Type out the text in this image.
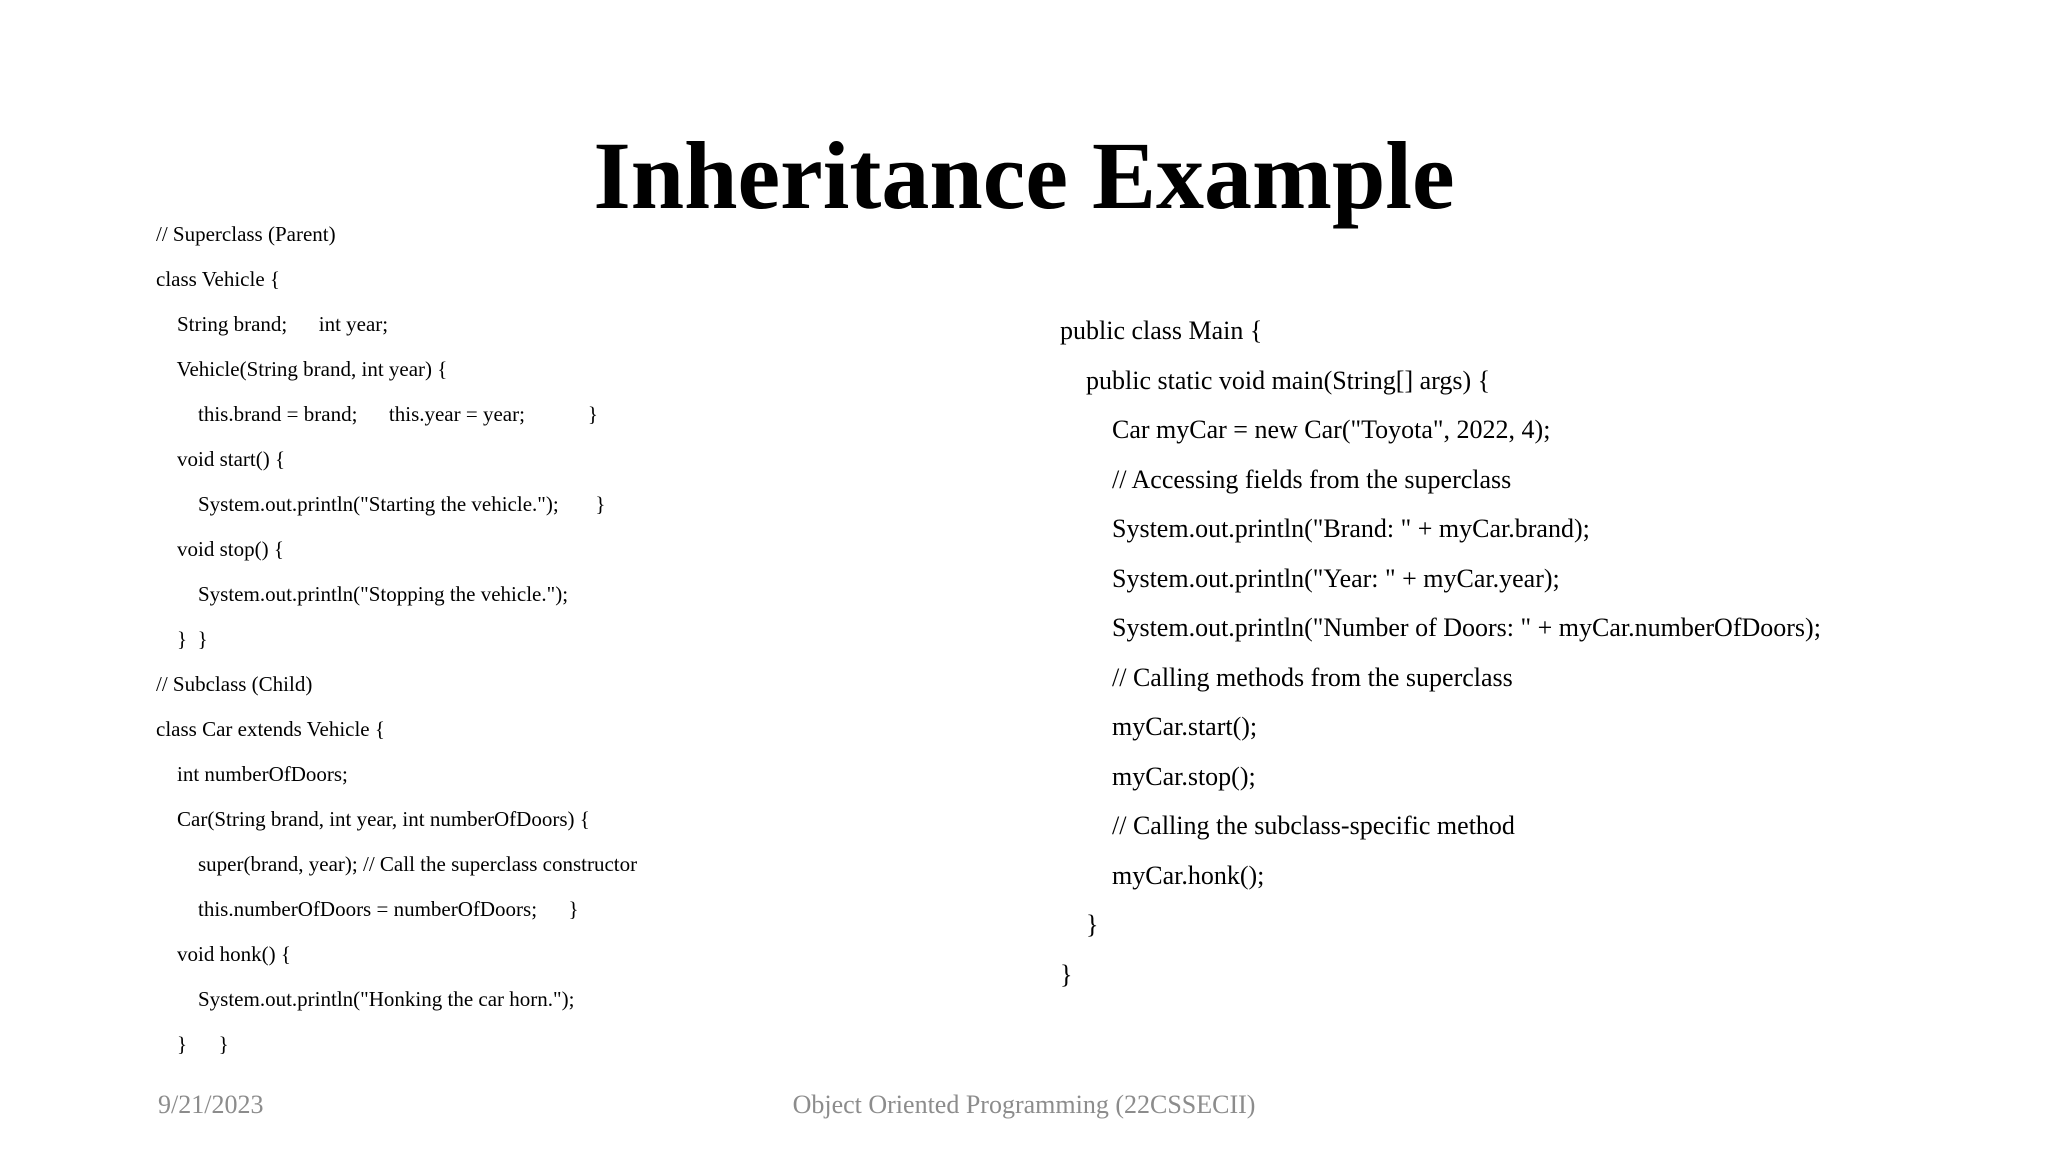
Inheritance Example
// Superclass (Parent)
class Vehicle {
String brand;      int year;
Vehicle(String brand, int year) {
this.brand = brand;      this.year = year;            }
void start() {
System.out.println("Starting the vehicle.");       }
void stop() {
System.out.println("Stopping the vehicle.");
}  }
// Subclass (Child)
class Car extends Vehicle {
int numberOfDoors;
Car(String brand, int year, int numberOfDoors) {
super(brand, year); // Call the superclass constructor
this.numberOfDoors = numberOfDoors;      }
void honk() {
System.out.println("Honking the car horn.");
}      }
public class Main {
public static void main(String[] args) {
Car myCar = new Car("Toyota", 2022, 4);
// Accessing fields from the superclass
System.out.println("Brand: " + myCar.brand);
System.out.println("Year: " + myCar.year);
System.out.println("Number of Doors: " + myCar.numberOfDoors);
// Calling methods from the superclass
myCar.start();
myCar.stop();
// Calling the subclass-specific method
myCar.honk();
}
}
Object Oriented Programming (22CSSECII)
9/21/2023
